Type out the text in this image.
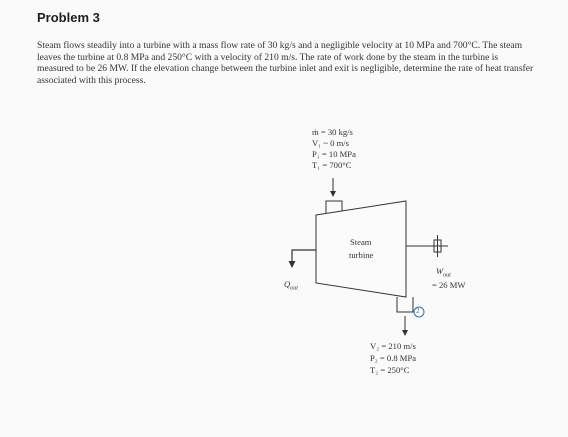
Problem 3
Steam flows steadily into a turbine with a mass flow rate of 30 kg/s and a negligible velocity at 10 MPa and 700°C. The steam leaves the turbine at 0.8 MPa and 250°C with a velocity of 210 m/s. The rate of work done by the steam in the turbine is measured to be 26 MW. If the elevation change between the turbine inlet and exit is negligible, determine the rate of heat transfer associated with this process.
ṁ = 30 kg/s
V₁ ~ 0 m/s
P₁ = 10 MPa
T₁ = 700°C
Steam
turbine
$Q_{out}$
$W_{out}$
= 26 MW
2
V₂ = 210 m/s
P₂ = 0.8 MPa
T₂ = 250°C
